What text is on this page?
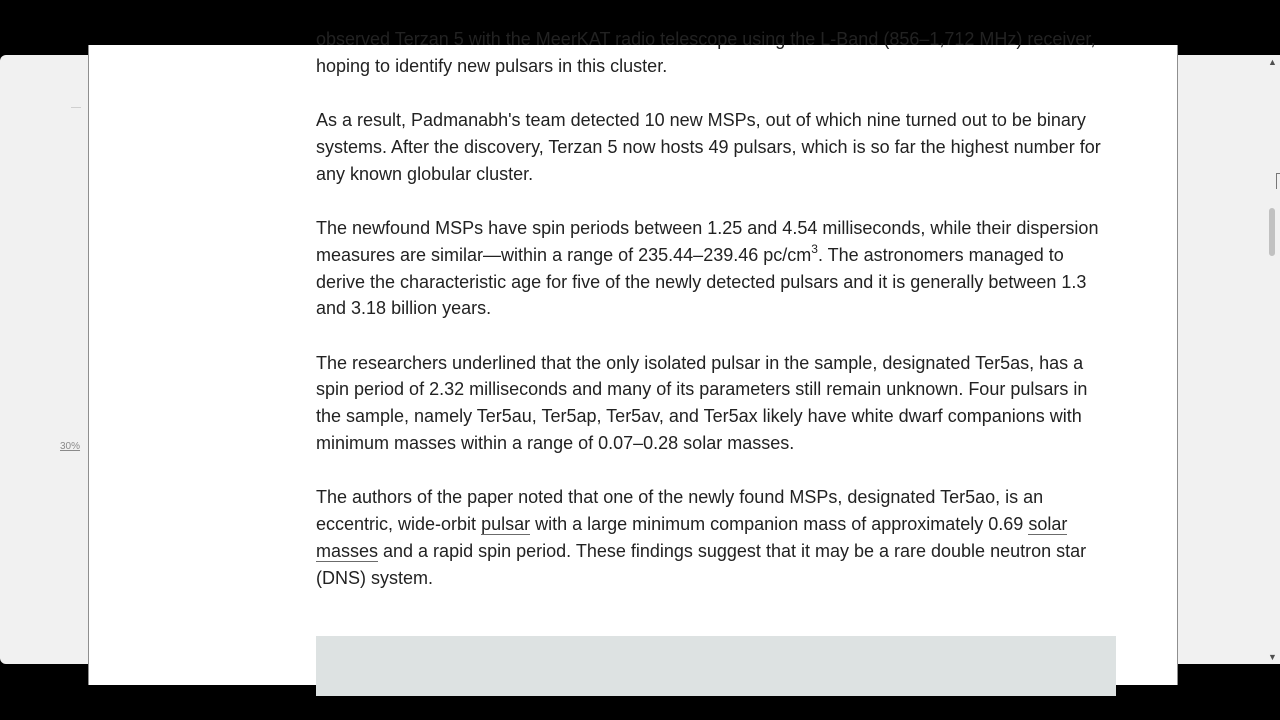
30%

observed Terzan 5 with the MeerKAT radio telescope using the L-Band (856–1,712 MHz) receiver, hoping to identify new pulsars in this cluster.

As a result, Padmanabh's team detected 10 new MSPs, out of which nine turned out to be binary systems. After the discovery, Terzan 5 now hosts 49 pulsars, which is so far the highest number for any known globular cluster.

The newfound MSPs have spin periods between 1.25 and 4.54 milliseconds, while their dispersion measures are similar—within a range of 235.44–239.46 $pc/cm^3$. The astronomers managed to derive the characteristic age for five of the newly detected pulsars and it is generally between 1.3 and 3.18 billion years.

The researchers underlined that the only isolated pulsar in the sample, designated Ter5as, has a spin period of 2.32 milliseconds and many of its parameters still remain unknown. Four pulsars in the sample, namely Ter5au, Ter5ap, Ter5av, and Ter5ax likely have white dwarf companions with minimum masses within a range of 0.07–0.28 solar masses.

The authors of the paper noted that one of the newly found MSPs, designated Ter5ao, is an eccentric, wide-orbit pulsar with a large minimum companion mass of approximately 0.69 solar masses and a rapid spin period. These findings suggest that it may be a rare double neutron star (DNS) system.

▲
▼
